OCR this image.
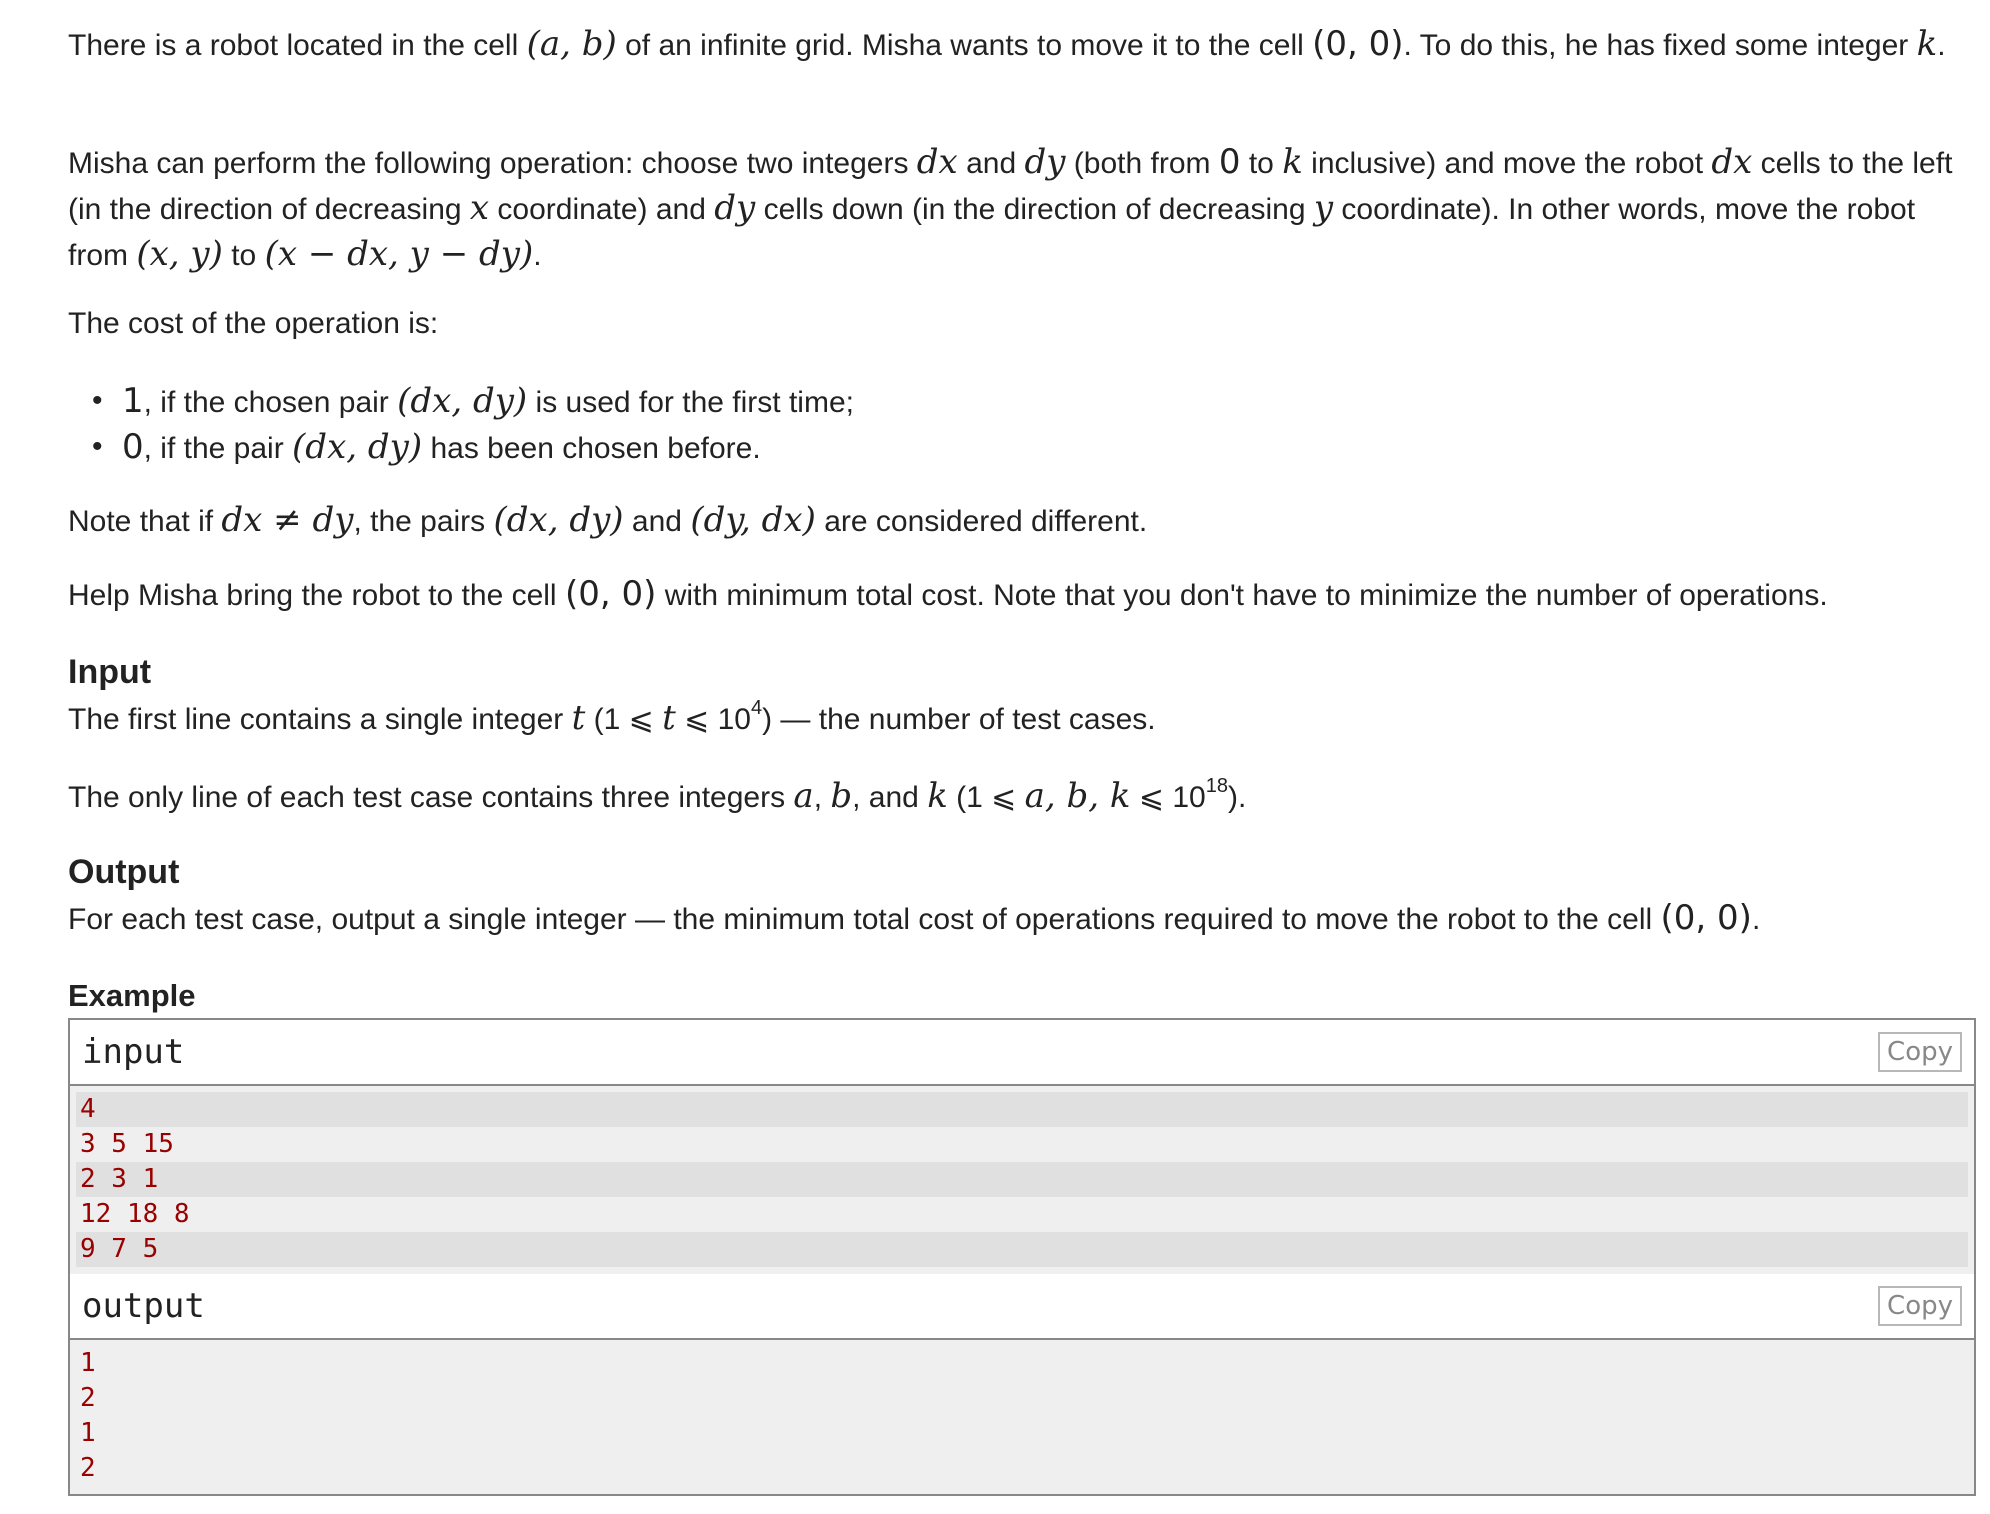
There is a robot located in the cell (a, b) of an infinite grid. Misha wants to move it to the cell (0, 0). To do this, he has fixed some integer k.

Misha can perform the following operation: choose two integers dx and dy (both from 0 to k inclusive) and move the robot dx cells to the left (in the direction of decreasing x coordinate) and dy cells down (in the direction of decreasing y coordinate). In other words, move the robot from (x, y) to (x − dx, y − dy).

The cost of the operation is:

• 1, if the chosen pair (dx, dy) is used for the first time;
• 0, if the pair (dx, dy) has been chosen before.

Note that if dx ≠ dy, the pairs (dx, dy) and (dy, dx) are considered different.

Help Misha bring the robot to the cell (0, 0) with minimum total cost. Note that you don't have to minimize the number of operations.

Input

The first line contains a single integer t (1 ⩽ t ⩽ $10^4$) — the number of test cases.

The only line of each test case contains three integers a, b, and k (1 ⩽ a, b, k ⩽ $10^{18}$).

Output

For each test case, output a single integer — the minimum total cost of operations required to move the robot to the cell (0, 0).

Example
input	Copy
4
3 5 15
2 3 1
12 18 8
9 7 5
output	Copy
1
2
1
2
